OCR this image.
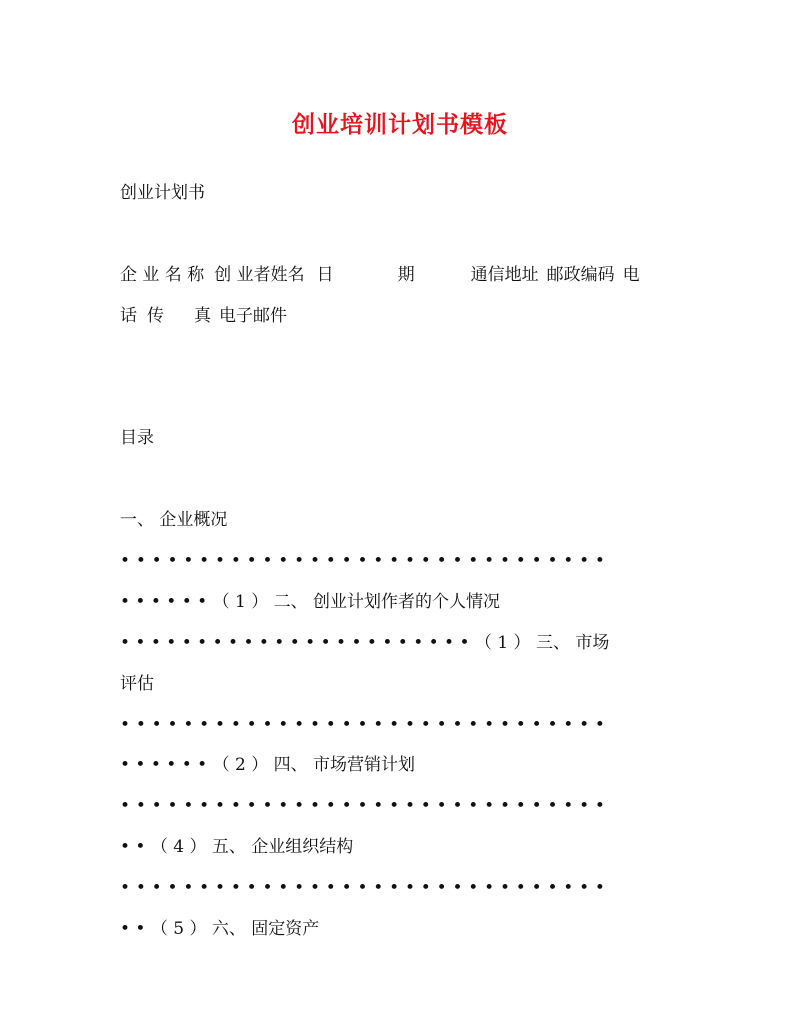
创业培训计划书模板
创业计划书
企 业 名 称 创 业者姓名 日	期	通信地址 邮政编码 电
话 传 真 电子邮件
目录
一、 企业概况
• • • • • • • • • • • • • • • • • • • • • • • • • • • • • • •
• • • • • • （ 1 ） 二、 创业计划作者的个人情况
• • • • • • • • • • • • • • • • • • • • • • • （ 1 ） 三、 市场
评估
• • • • • • • • • • • • • • • • • • • • • • • • • • • • • • •
• • • • • • （ 2 ） 四、 市场营销计划
• • • • • • • • • • • • • • • • • • • • • • • • • • • • • • •
• • （ 4 ） 五、 企业组织结构
• • • • • • • • • • • • • • • • • • • • • • • • • • • • • • •
• • （ 5 ） 六、 固定资产
